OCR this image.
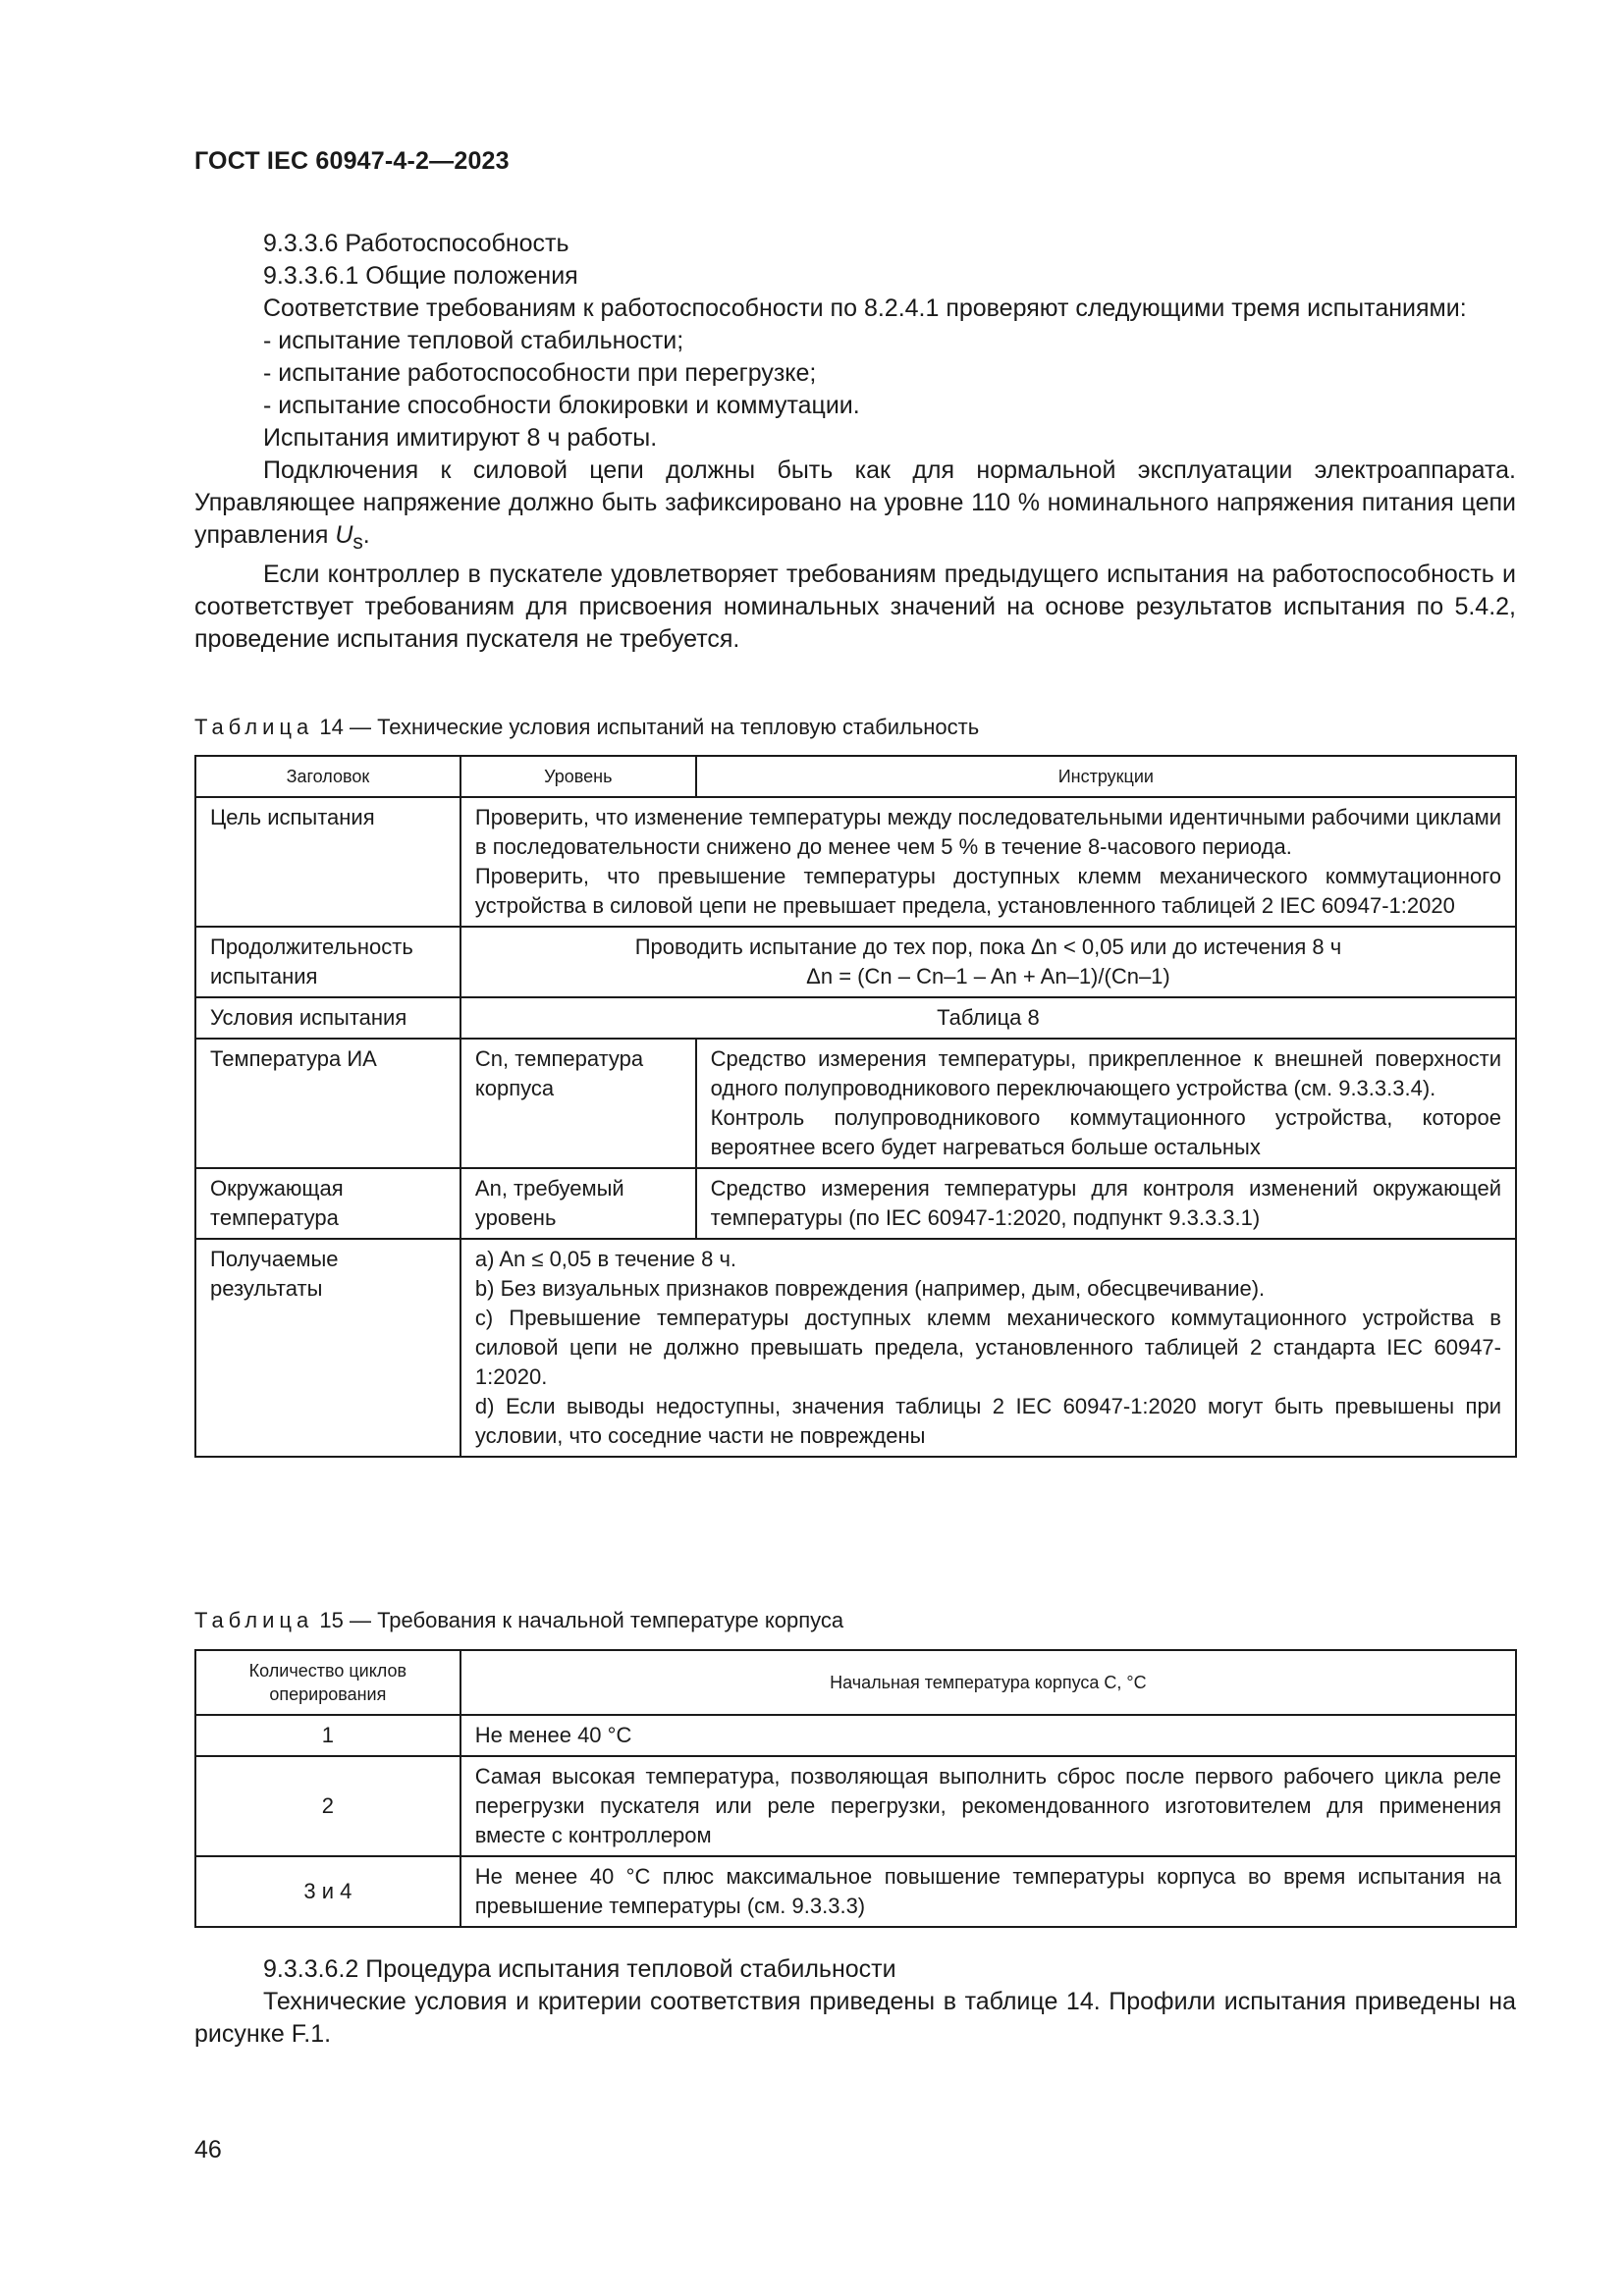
ГОСТ IEC 60947-4-2—2023

9.3.3.6 Работоспособность

9.3.3.6.1 Общие положения

Соответствие требованиям к работоспособности по 8.2.4.1 проверяют следующими тремя испытаниями:

- испытание тепловой стабильности;

- испытание работоспособности при перегрузке;

- испытание способности блокировки и коммутации.

Испытания имитируют 8 ч работы.

Подключения к силовой цепи должны быть как для нормальной эксплуатации электроаппарата. Управляющее напряжение должно быть зафиксировано на уровне 110 % номинального напряжения питания цепи управления $U_s$.

Если контроллер в пускателе удовлетворяет требованиям предыдущего испытания на работоспособность и соответствует требованиям для присвоения номинальных значений на основе результатов испытания по 5.4.2, проведение испытания пускателя не требуется.

Таблица 14 — Технические условия испытаний на тепловую стабильность
Заголовок	Уровень	Инструкции
Цель испытания	Проверить, что изменение температуры между последовательными идентичными рабочими циклами в последовательности снижено до менее чем 5 % в течение 8-часового периода.
Проверить, что превышение температуры доступных клемм механического коммутационного устройства в силовой цепи не превышает предела, установленного таблицей 2 IEC 60947-1:2020	

Продолжительность испытания	Проводить испытание до тех пор, пока Δn < 0,05 или до истечения 8 ч
Δn = (Cn – Cn–1 – An + An–1)/(Cn–1)	

Условия испытания	Таблица 8	
Температура ИА	Cn, температура корпуса	Средство измерения температуры, прикрепленное к внешней поверхности одного полупроводникового переключающего устройства (см. 9.3.3.3.4).
Контроль полупроводникового коммутационного устройства, которое вероятнее всего будет нагреваться больше остальных

Окружающая температура	An, требуемый уровень	Средство измерения температуры для контроля изменений окружающей температуры (по IEC 60947-1:2020, подпункт 9.3.3.3.1)
Получаемые результаты	a) An ≤ 0,05 в течение 8 ч.
b) Без визуальных признаков повреждения (например, дым, обесцвечивание).
c) Превышение температуры доступных клемм механического коммутационного устройства в силовой цепи не должно превышать предела, установленного таблицей 2 стандарта IEC 60947-1:2020.
d) Если выводы недоступны, значения таблицы 2 IEC 60947-1:2020 могут быть превышены при условии, что соседние части не повреждены	
Таблица 15 — Требования к начальной температуре корпуса
Количество циклов оперирования	Начальная температура корпуса C, °C
1	Не менее 40 °C
2	Самая высокая температура, позволяющая выполнить сброс после первого рабочего цикла реле перегрузки пускателя или реле перегрузки, рекомендованного изготовителем для применения вместе с контроллером
3 и 4	Не менее 40 °C плюс максимальное повышение температуры корпуса во время испытания на превышение температуры (см. 9.3.3.3)

9.3.3.6.2 Процедура испытания тепловой стабильности

Технические условия и критерии соответствия приведены в таблице 14. Профили испытания приведены на рисунке F.1.

46
